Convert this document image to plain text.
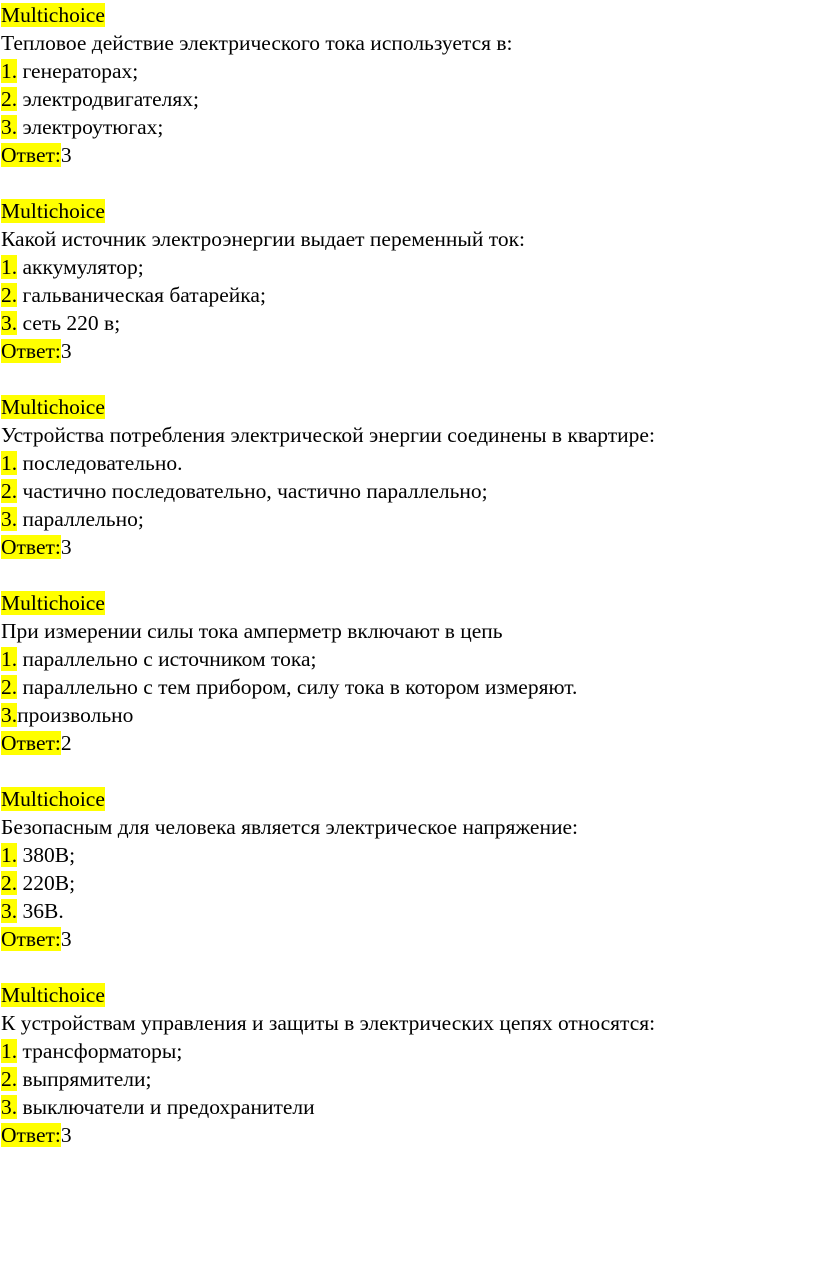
Multichoice
Тепловое действие электрического тока используется в:
1. генераторах;
2. электродвигателях;
3. электроутюгах;
Ответ:3
Multichoice
Какой источник электроэнергии выдает переменный ток:
1. аккумулятор;
2. гальваническая батарейка;
3. сеть 220 в;
Ответ:3
Multichoice
Устройства потребления электрической энергии соединены в квартире:
1. последовательно.
2. частично последовательно, частично параллельно;
3. параллельно;
Ответ:3
Multichoice
При измерении силы тока амперметр включают в цепь
1. параллельно с источником тока;
2. параллельно с тем прибором, силу тока в котором измеряют.
3.произвольно
Ответ:2
Multichoice
Безопасным для человека является электрическое напряжение:
1. 380В;
2. 220В;
3. 36В.
Ответ:3
Multichoice
К устройствам управления и защиты в электрических цепях относятся:
1. трансформаторы;
2. выпрямители;
3. выключатели и предохранители
Ответ:3
